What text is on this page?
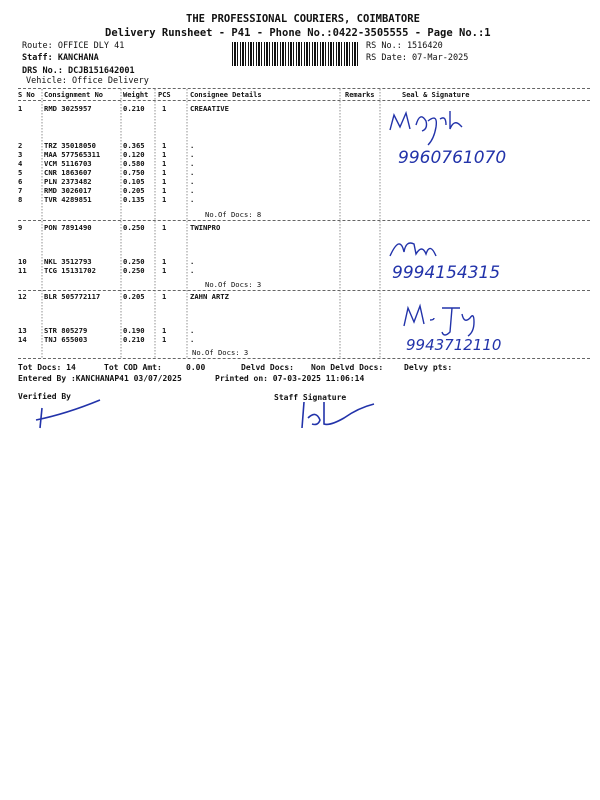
THE PROFESSIONAL COURIERS, COIMBATORE
Delivery Runsheet - P41 - Phone No.:0422-3505555 - Page No.:1
Route: OFFICE DLY 41
Staff: KANCHANA
DRS No.: DCJB151642001
Vehicle: Office Delivery
RS No.: 1516420
RS Date: 07-Mar-2025
S No Consignment No	Weight PCS	Consignee Details	Remarks	Seal & Signature
1	RMD 3025957	0.210 1	CREAATIVE
2	TRZ 35018050	0.365 1	.
3	MAA 577565311	0.120 1	.
4	VCM 5116703	0.580 1	.
5	CNR 1863607	0.750 1	.
6	PLN 2373482	0.105 1	.
7	RMD 3026017	0.205 1	.
8	TVR 4289851	0.135 1	.
9	PON 7891490	0.250 1	TWINPRO
10 NKL 3512793	0.250 1	.
11 TCG 15131702	0.250 1	.
12 BLR 505772117	0.205 1	ZAHN ARTZ
13 STR 805279	0.190 1	.
14 TNJ 655003	0.210 1	.
No.Of Docs: 8
No.Of Docs: 3
No.Of Docs: 3
9960761070
9994154315
9943712110
Tot Docs: 14	Tot COD Amt:	0.00	Delvd Docs: Non Delvd Docs:	Delvy pts:
Entered By :KANCHANAP41 03/07/2025	Printed on: 07-03-2025 11:06:14
Verified By	Staff Signature
